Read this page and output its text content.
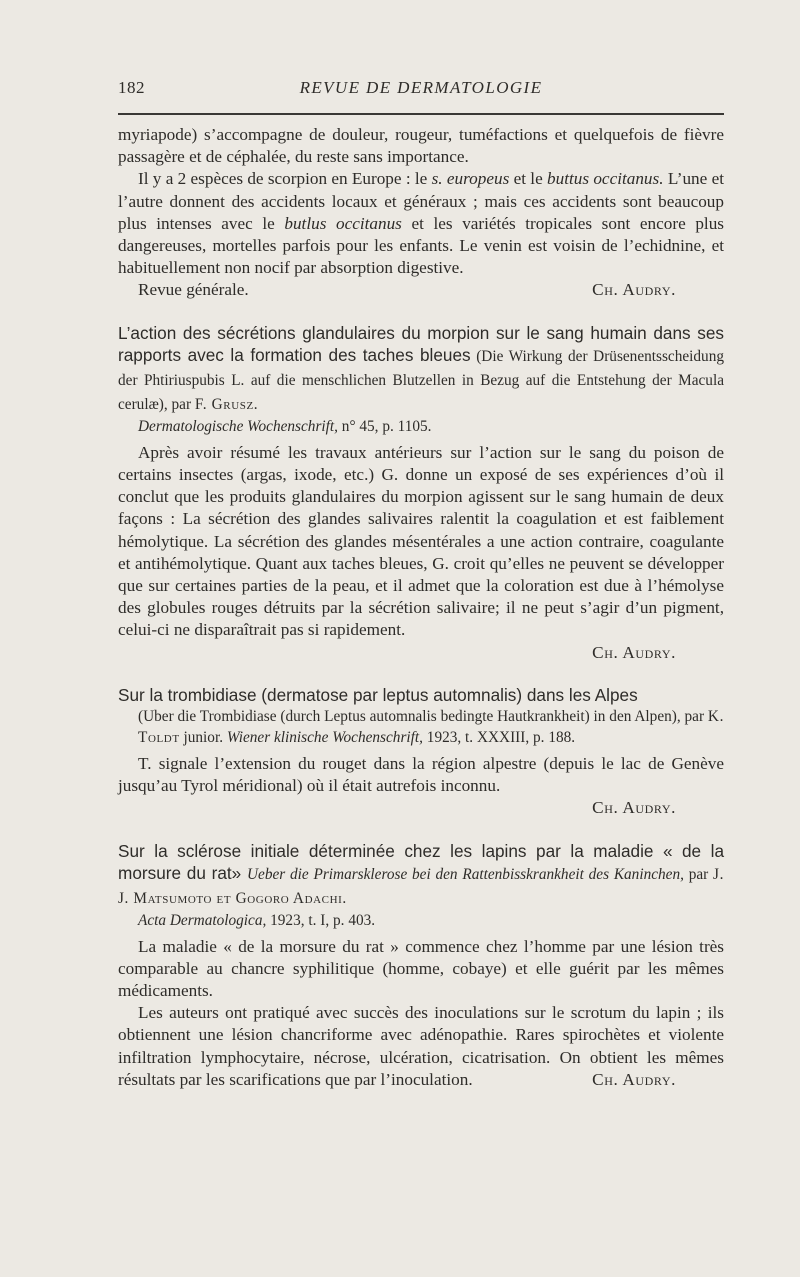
182	REVUE DE DERMATOLOGIE

myriapode) s’accompagne de douleur, rougeur, tuméfactions et quelquefois de fièvre passagère et de céphalée, du reste sans importance.

Il y a 2 espèces de scorpion en Europe : le s. europeus et le buttus occitanus. L’une et l’autre donnent des accidents locaux et généraux ; mais ces accidents sont beaucoup plus intenses avec le butlus occitanus et les variétés tropicales sont encore plus dangereuses, mortelles parfois pour les enfants. Le venin est voisin de l’echidnine, et habituellement non nocif par absorption digestive.

Revue générale.	Ch. Audry.
L’action des sécrétions glandulaires du morpion sur le sang humain dans ses rapports avec la formation des taches bleues (Die Wirkung der Drüsenentsscheidung der Phtiriuspubis L. auf die menschlichen Blutzellen in Bezug auf die Entstehung der Macula cerulæ), par F. Grusz.
Dermatologische Wochenschrift, n° 45, p. 1105.

Après avoir résumé les travaux antérieurs sur l’action sur le sang du poison de certains insectes (argas, ixode, etc.) G. donne un exposé de ses expériences d’où il conclut que les produits glandulaires du morpion agissent sur le sang humain de deux façons : La sécrétion des glandes salivaires ralentit la coagulation et est faiblement hémolytique. La sécrétion des glandes mésentérales a une action contraire, coagulante et antihémolytique. Quant aux taches bleues, G. croit qu’elles ne peuvent se développer que sur certaines parties de la peau, et il admet que la coloration est due à l’hémolyse des globules rouges détruits par la sécrétion salivaire; il ne peut s’agir d’un pigment, celui-ci ne disparaîtrait pas si rapidement.

Ch. Audry.
Sur la trombidiase (dermatose par leptus automnalis) dans les Alpes
(Uber die Trombidiase (durch Leptus automnalis bedingte Hautkrankheit) in den Alpen), par K. Toldt junior. Wiener klinische Wochenschrift, 1923, t. XXXIII, p. 188.

T. signale l’extension du rouget dans la région alpestre (depuis le lac de Genève jusqu’au Tyrol méridional) où il était autrefois inconnu.

Ch. Audry.
Sur la sclérose initiale déterminée chez les lapins par la maladie « de la morsure du rat» Ueber die Primarsklerose bei den Rattenbisskrankheit des Kaninchen, par J. J. Matsumoto et Gogoro Adachi.
Acta Dermatologica, 1923, t. I, p. 403.

La maladie « de la morsure du rat » commence chez l’homme par une lésion très comparable au chancre syphilitique (homme, cobaye) et elle guérit par les mêmes médicaments.

Les auteurs ont pratiqué avec succès des inoculations sur le scrotum du lapin ; ils obtiennent une lésion chancriforme avec adénopathie. Rares spirochètes et violente infiltration lymphocytaire, nécrose, ulcération, cicatrisation. On obtient les mêmes résultats par les scarifications que par l’inoculation.	Ch. Audry.
